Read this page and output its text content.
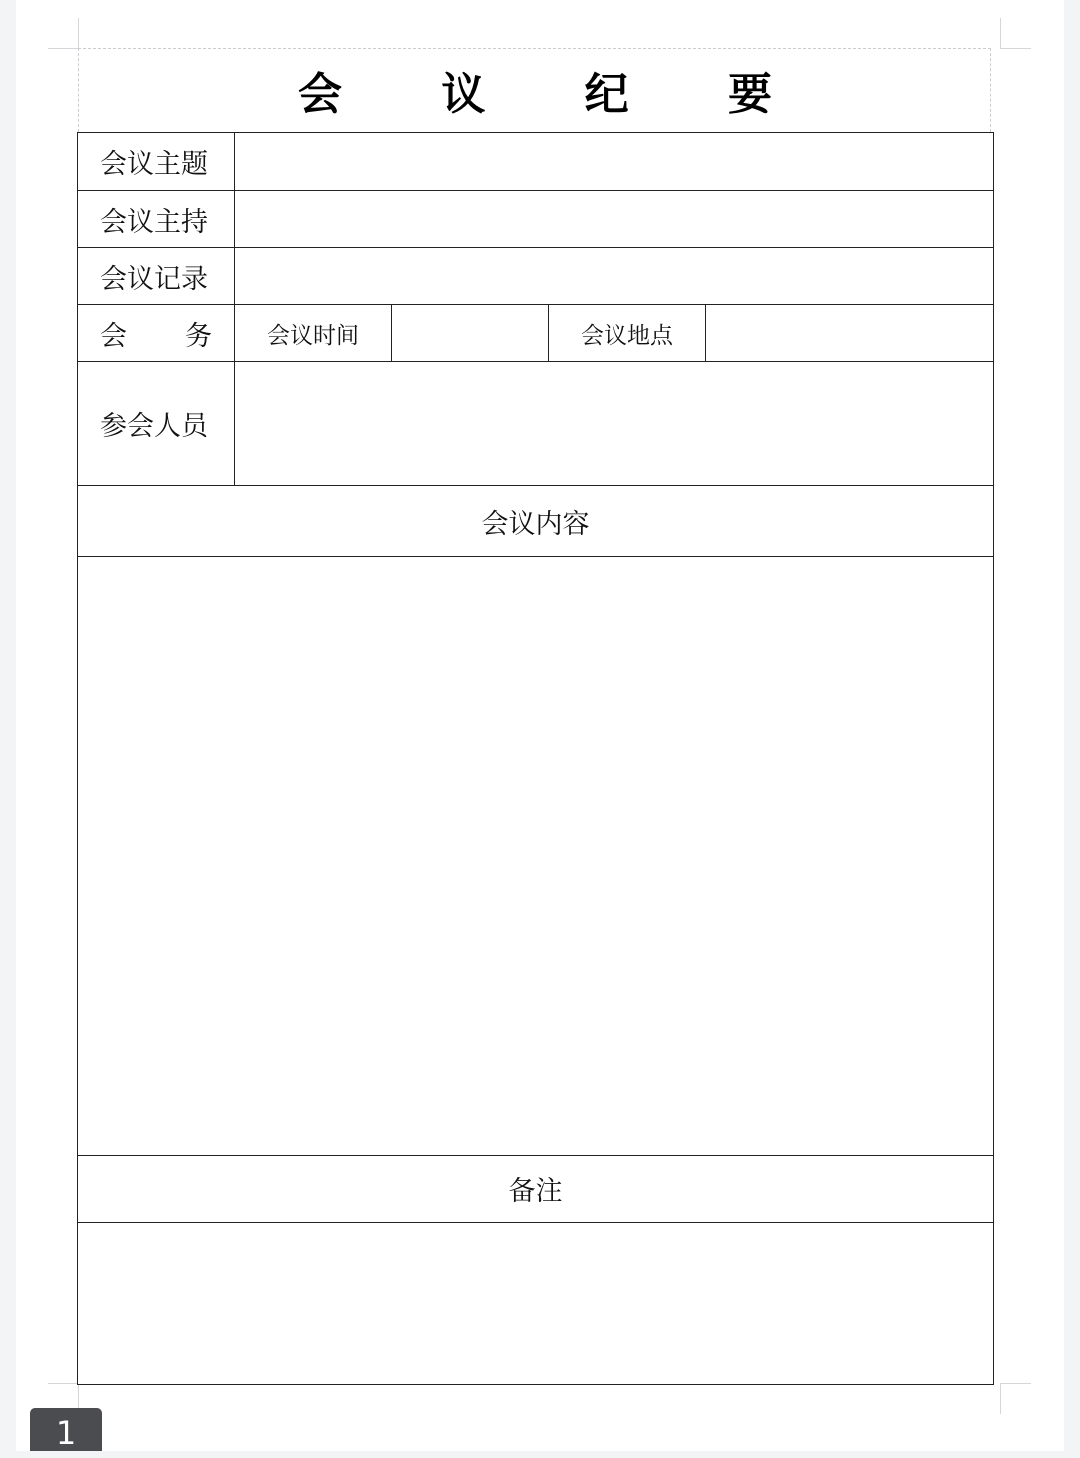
会 议 纪 要
会议主题				
会议主持				
会议记录				

会 务	会议时间		会议地点	
参会人员				
会议内容				

备注				

1
